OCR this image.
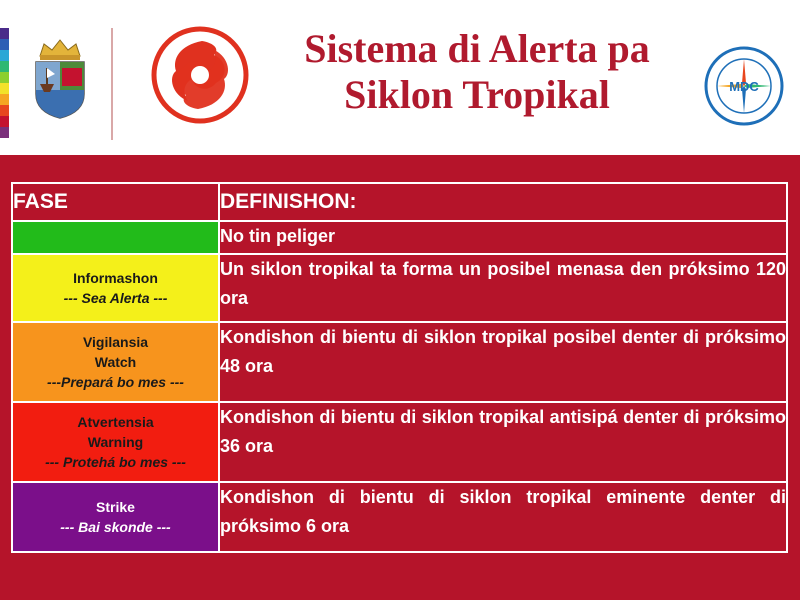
Sistema di Alerta pa
Siklon Tropikal	MDC
FASE	DEFINISHON:
	No tin peliger

Informashon
--- Sea Alerta ---	Un siklon tropikal ta forma un posibel menasa den próksimo 120 ora

Vigilansia
Watch
---Prepará bo mes ---	Kondishon di bientu di siklon tropikal posibel denter di próksimo 48 ora

Atvertensia
Warning
--- Protehá bo mes ---	Kondishon di bientu di siklon tropikal antisipá denter di próksimo 36 ora

Strike
--- Bai skonde ---	Kondishon di bientu di siklon tropikal eminente denter di próksimo 6 ora
